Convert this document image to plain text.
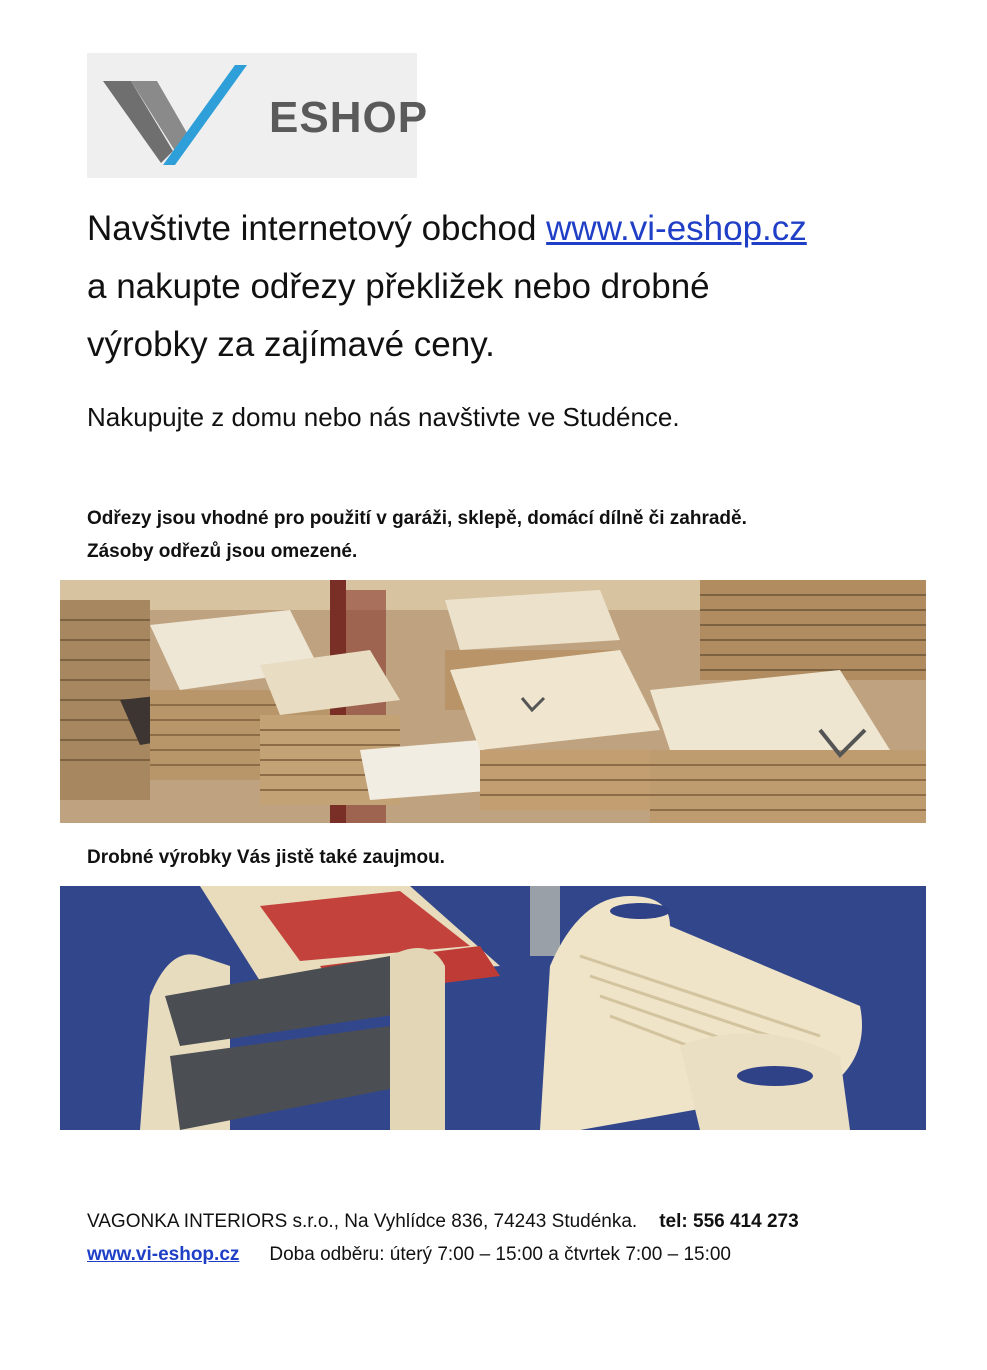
ESHOP
Navštivte internetový obchod www.vi-eshop.cz
a nakupte odřezy překližek nebo drobné
výrobky za zajímavé ceny.
Nakupujte z domu nebo nás navštivte ve Studénce.
Odřezy jsou vhodné pro použití v garáži, sklepě, domácí dílně či zahradě.
Zásoby odřezů jsou omezené.
Drobné výrobky Vás jistě také zaujmou.
VAGONKA INTERIORS s.r.o., Na Vyhlídce 836, 74243 Studénka. tel: 556 414 273
www.vi-eshop.cz Doba odběru: úterý 7:00 – 15:00 a čtvrtek 7:00 – 15:00
